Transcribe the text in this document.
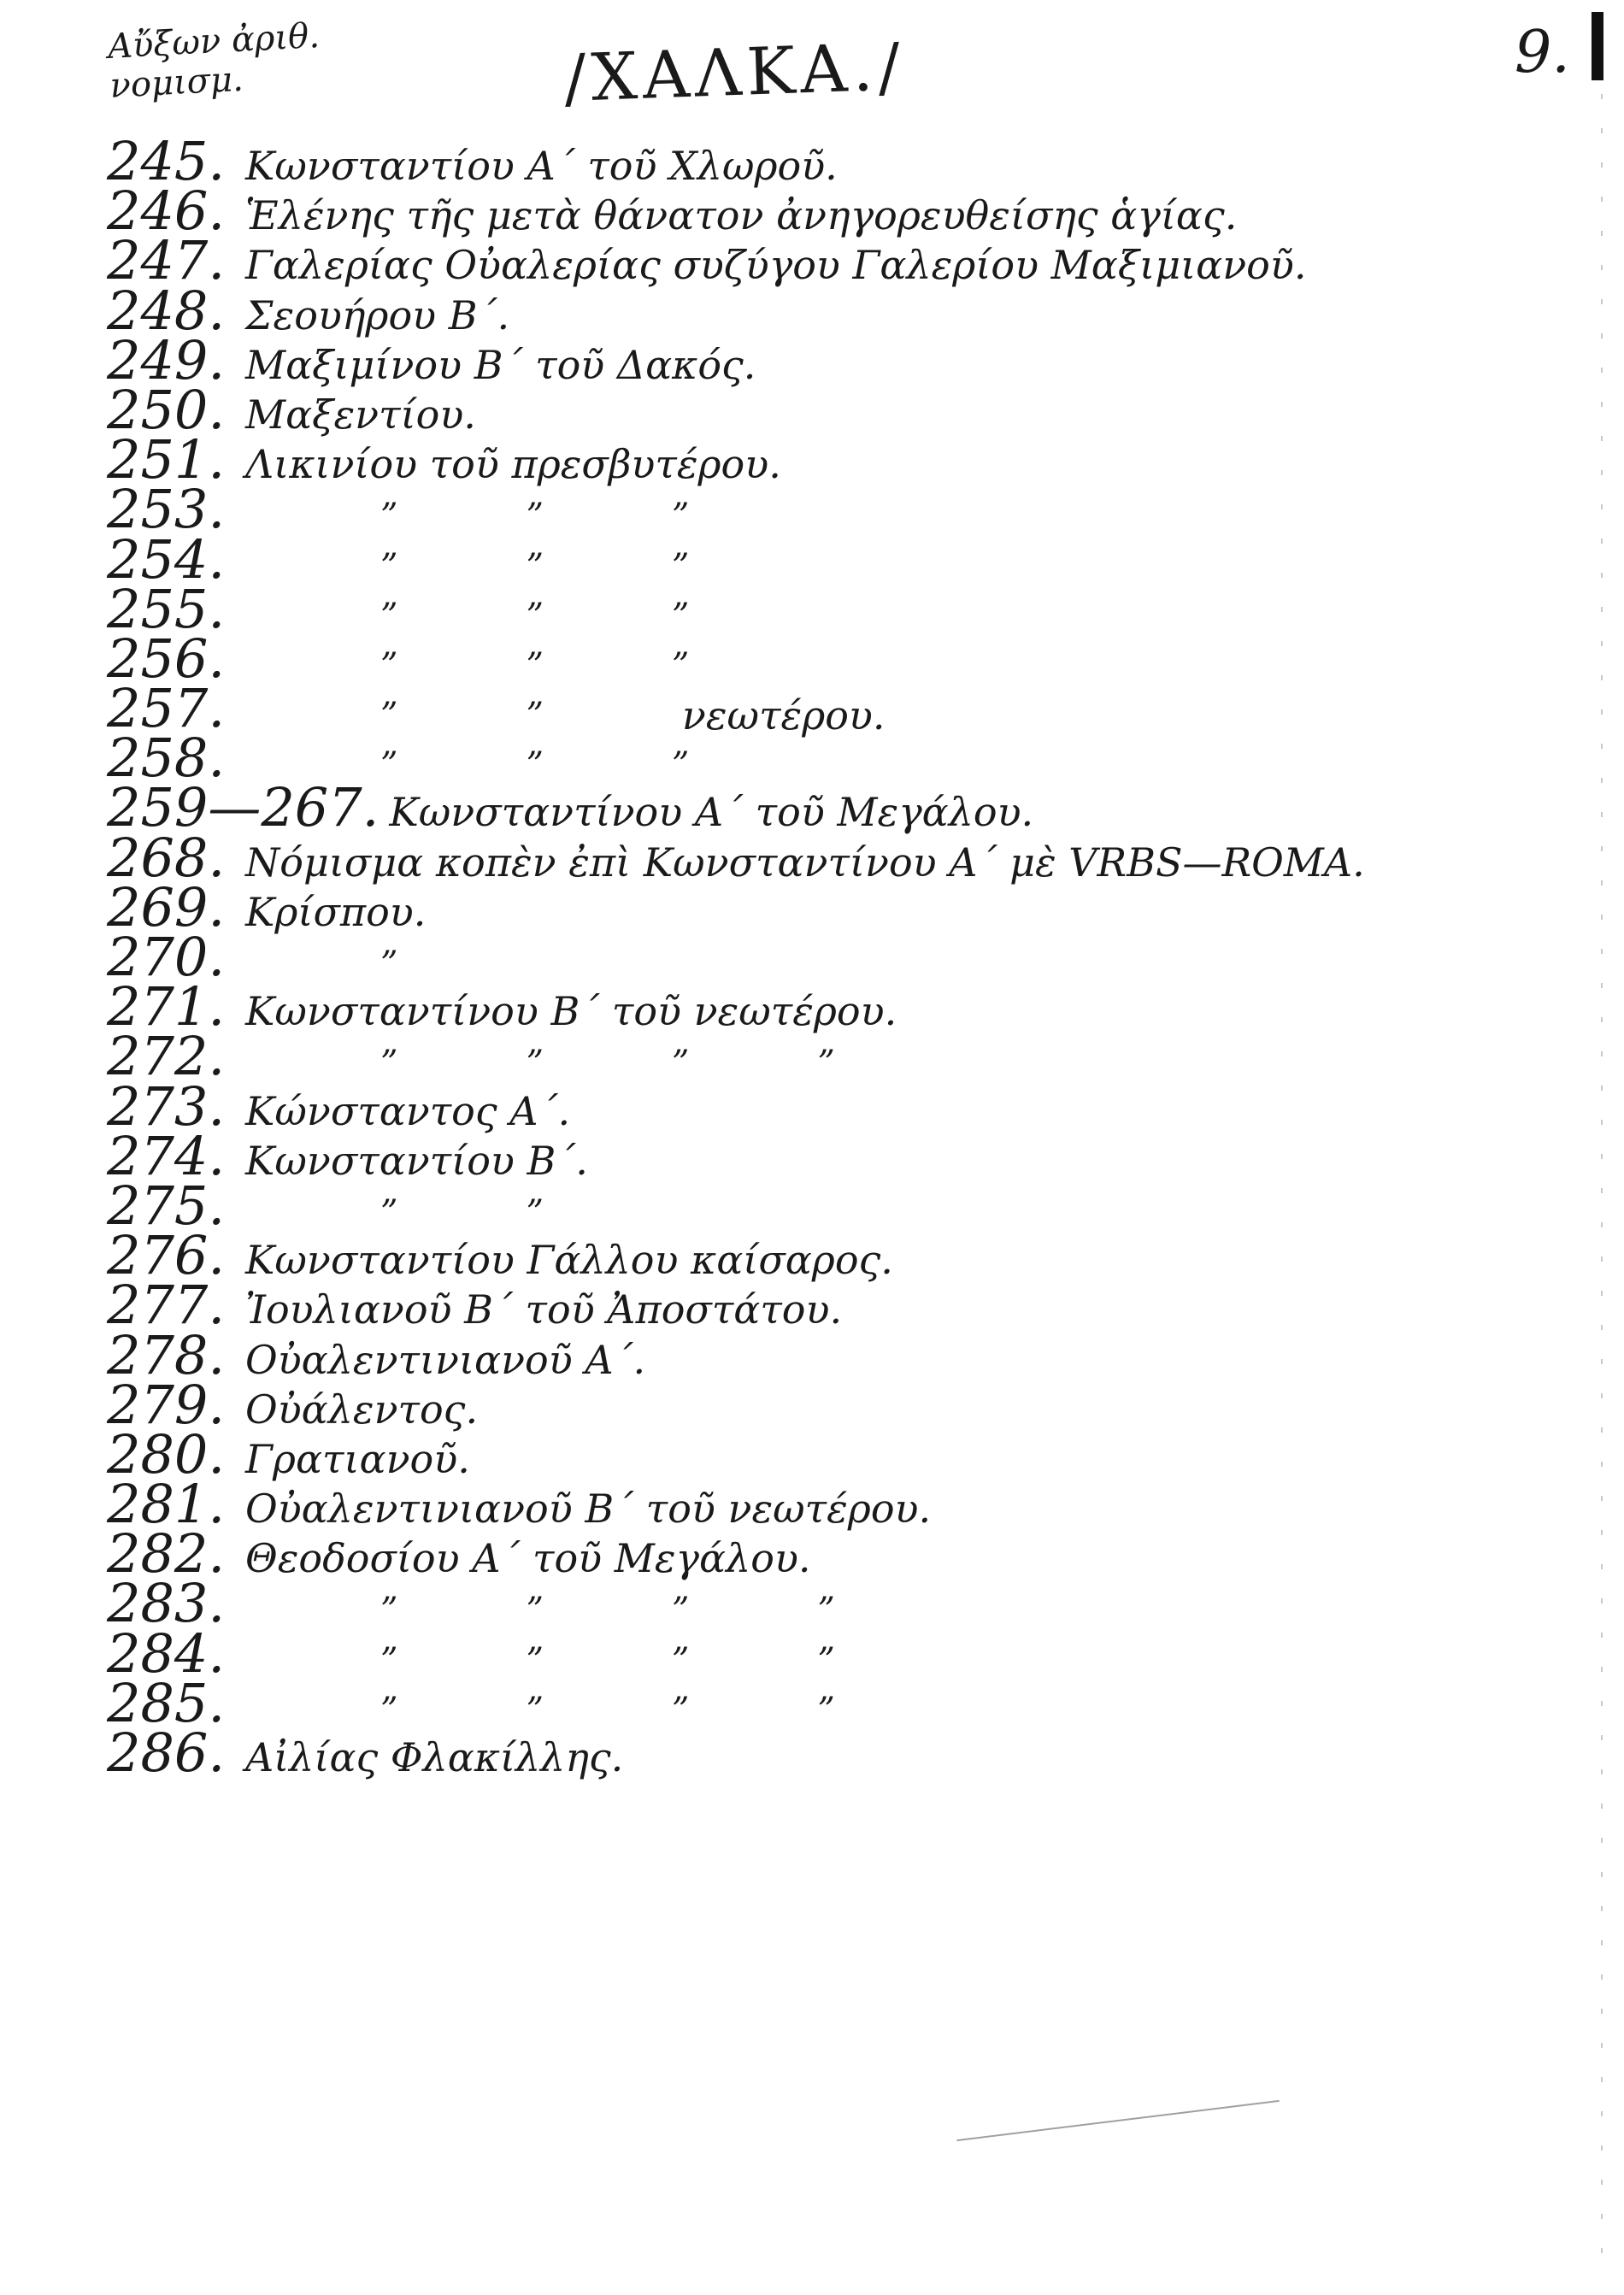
Αὔξων ἀριθ.
νομισμ.	/ΧΑΛΚΑ./	9.
245. Κωνσταντίου Α΄ τοῦ Χλωροῦ.
246. Ἑλένης τῆς μετὰ θάνατον ἀνηγορευθείσης ἁγίας.
247. Γαλερίας Οὐαλερίας συζύγου Γαλερίου Μαξιμιανοῦ.
248. Σεουήρου Β΄.
249. Μαξιμίνου Β΄ τοῦ Δακός.
250. Μαξεντίου.
251. Λικινίου τοῦ πρεσβυτέρου.
253.	”	”	”
254.	”	”	”
255.	”	”	”
256.	”	”	”
257.	”	”	νεωτέρου.
258.	”	”	”
259—267. Κωνσταντίνου Α΄ τοῦ Μεγάλου.
268. Νόμισμα κοπὲν ἐπὶ Κωνσταντίνου Α΄ μὲ VRBS—ROMA.
269. Κρίσπου.
270.	”
271. Κωνσταντίνου Β΄ τοῦ νεωτέρου.
272.	”	”	”	”
273. Κώνσταντος Α΄.
274. Κωνσταντίου Β΄.
275.	”	”
276. Κωνσταντίου Γάλλου καίσαρος.
277. Ἰουλιανοῦ Β΄ τοῦ Ἀποστάτου.
278. Οὐαλεντινιανοῦ Α΄.
279. Οὐάλεντος.
280. Γρατιανοῦ.
281. Οὐαλεντινιανοῦ Β΄ τοῦ νεωτέρου.
282. Θεοδοσίου Α΄ τοῦ Μεγάλου.
283.	”	”	”	”
284.	”	”	”	”
285.	”	”	”	”
286. Αἰλίας Φλακίλλης.
